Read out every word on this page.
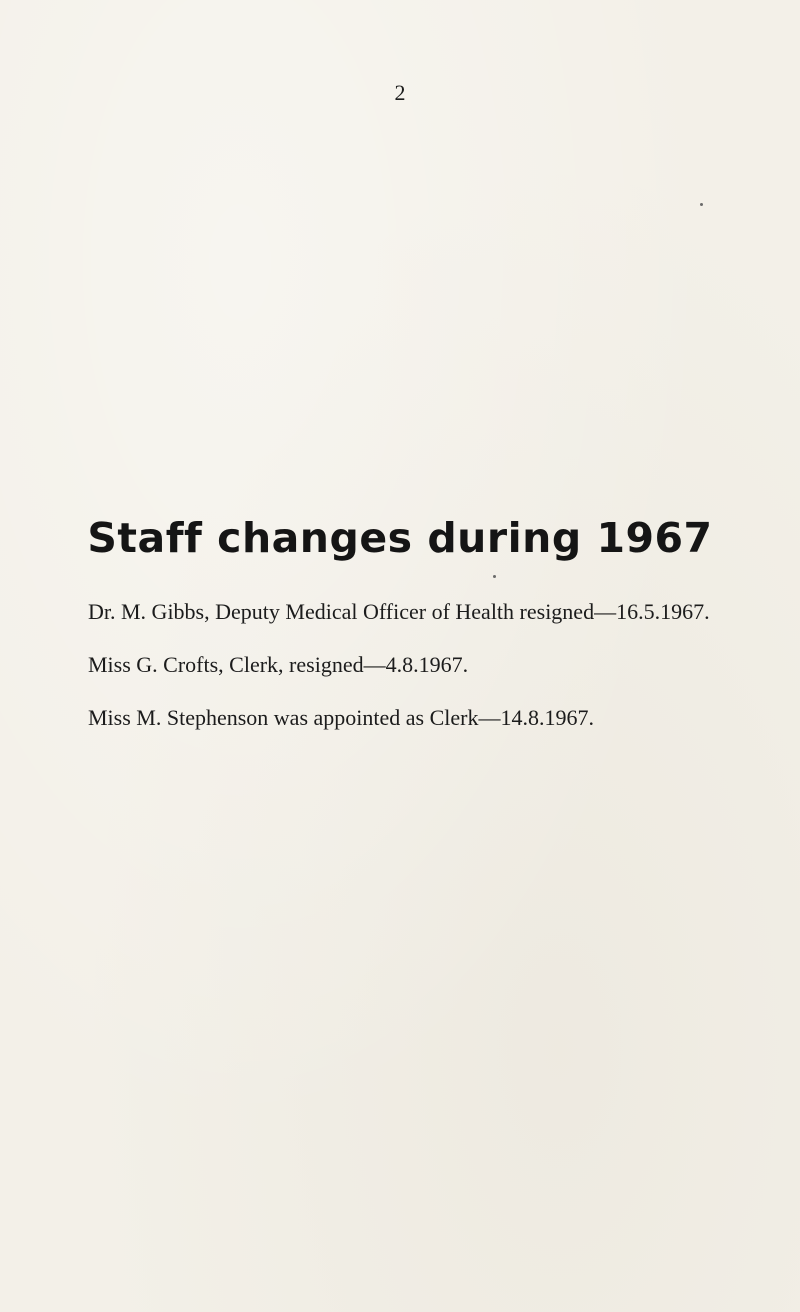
2
Staff changes during 1967
Dr. M. Gibbs, Deputy Medical Officer of Health resigned—16.5.1967.
Miss G. Crofts, Clerk, resigned—4.8.1967.
Miss M. Stephenson was appointed as Clerk—14.8.1967.
